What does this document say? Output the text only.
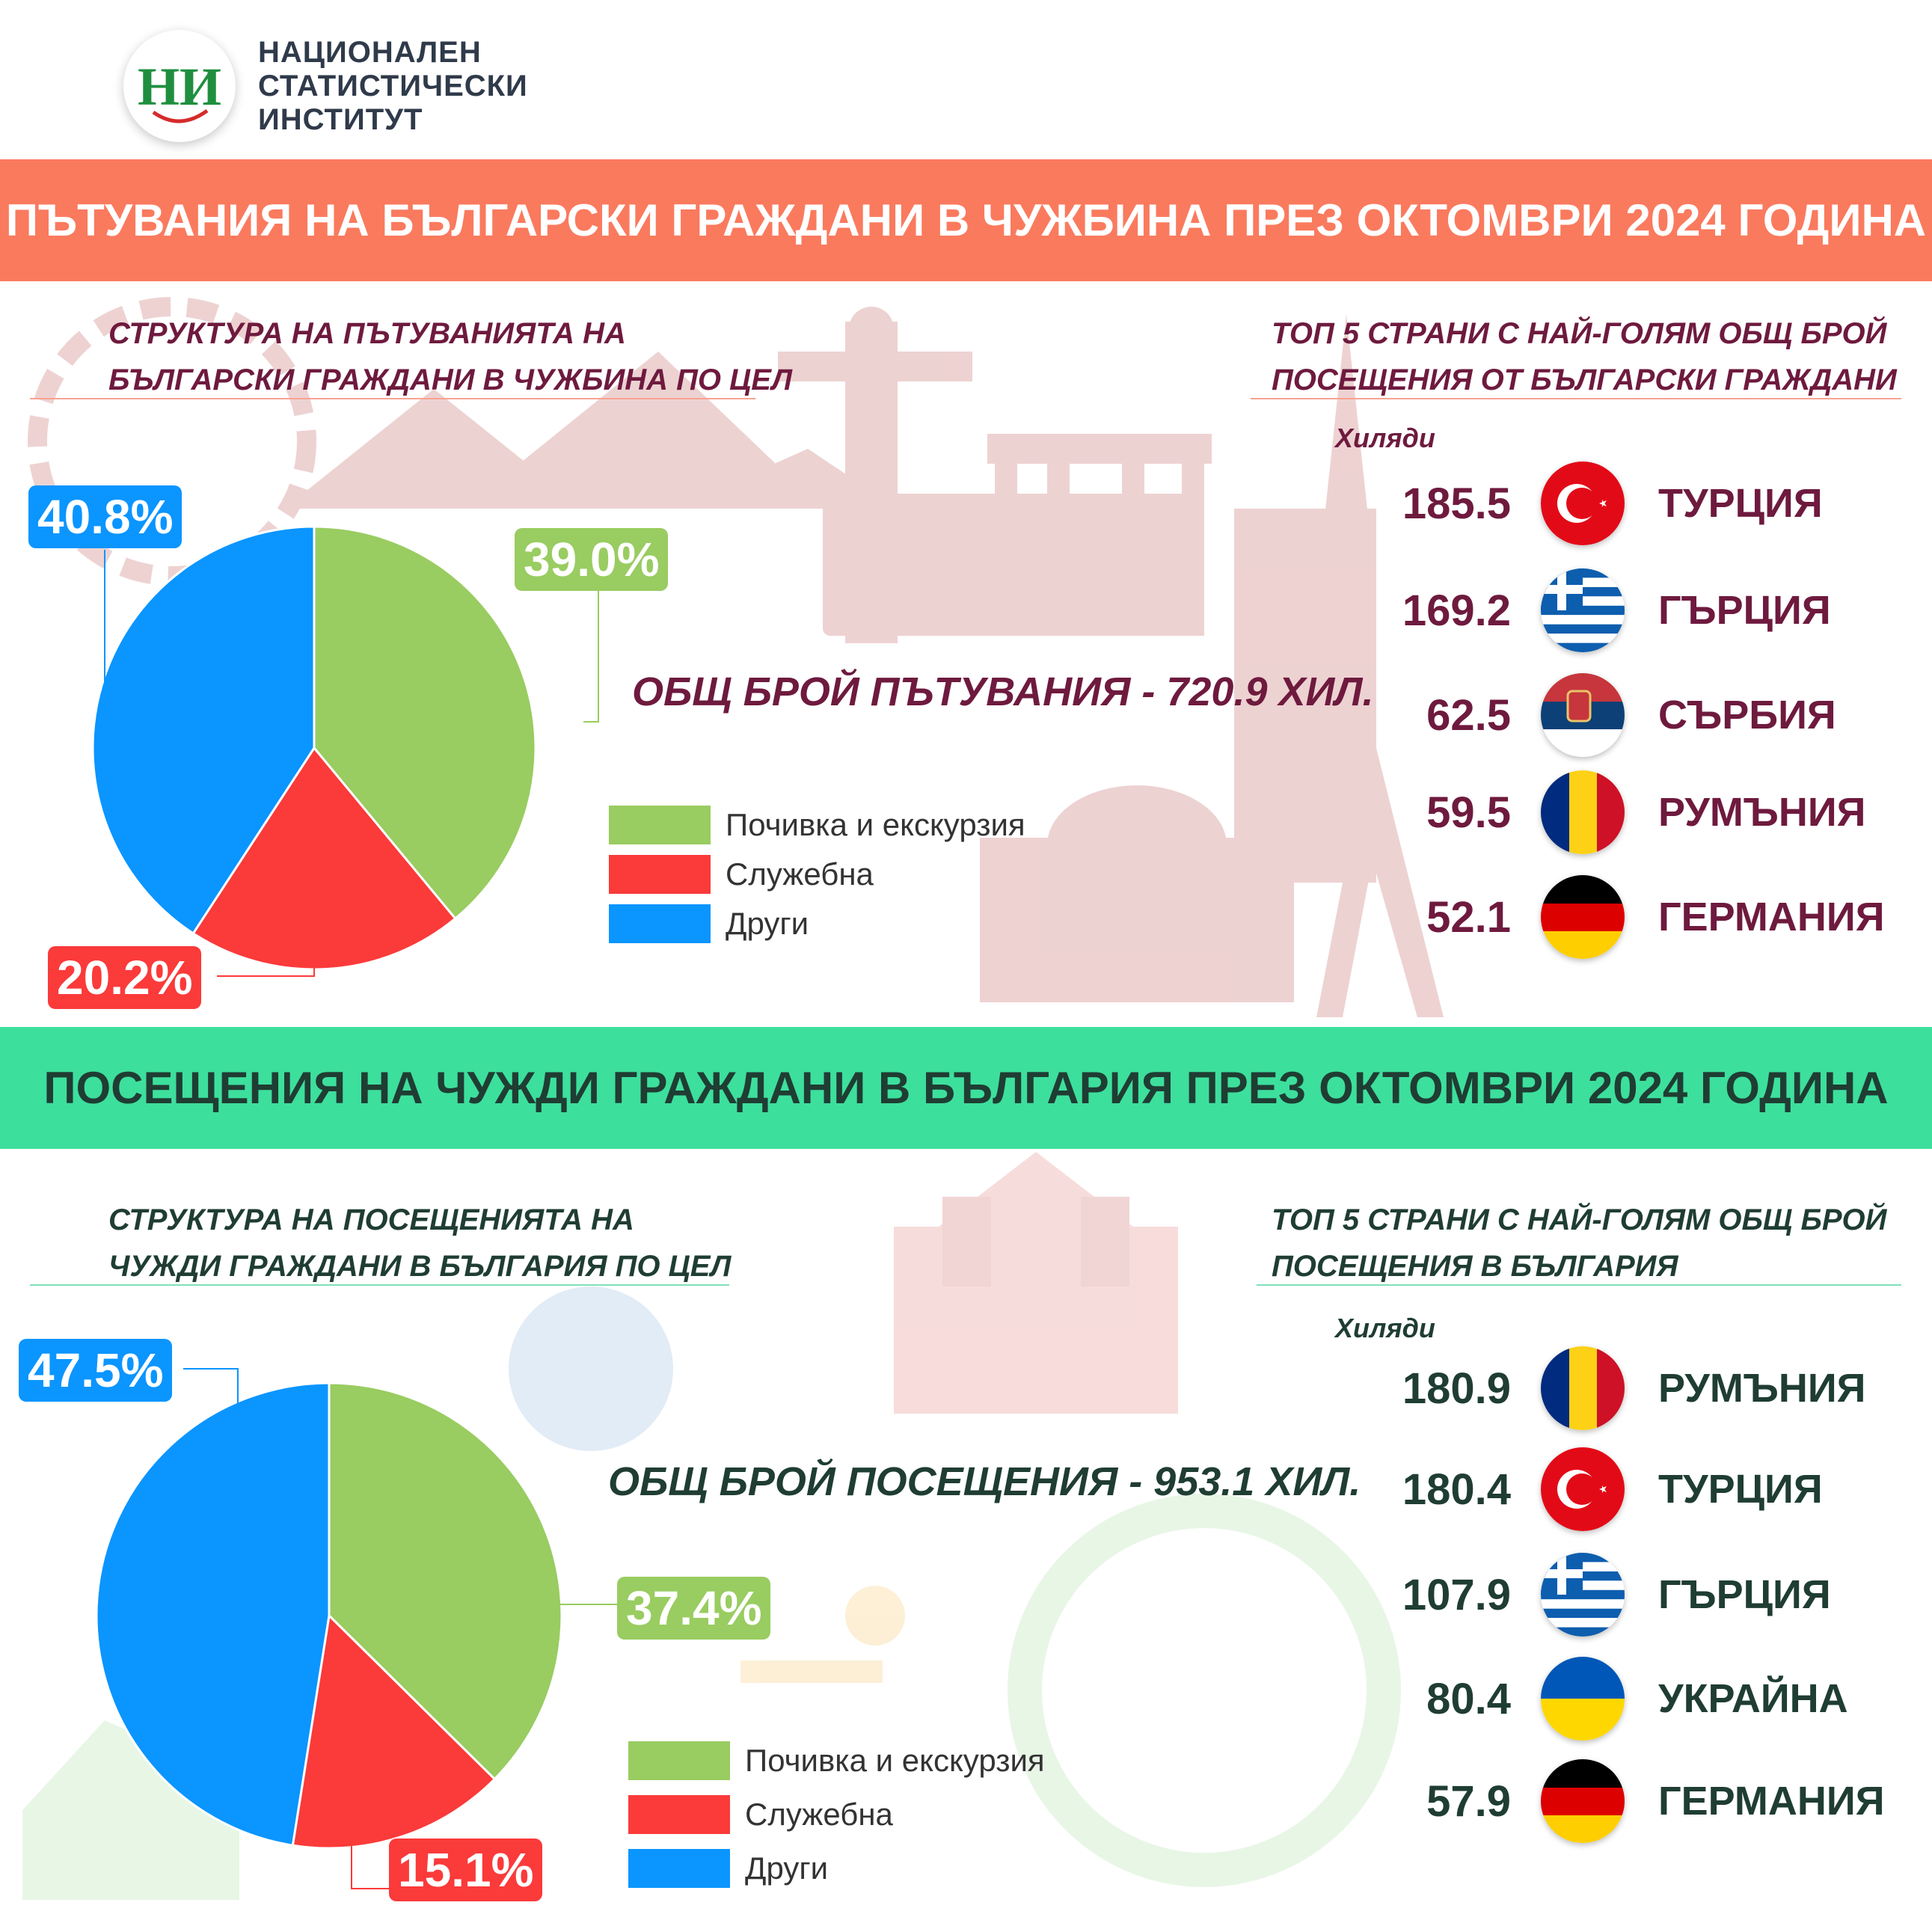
НИ
НАЦИОНАЛЕН
СТАТИСТИЧЕСКИ
ИНСТИТУТ
ПЪТУВАНИЯ НА БЪЛГАРСКИ ГРАЖДАНИ В ЧУЖБИНА ПРЕЗ ОКТОМВРИ 2024 ГОДИНА
СТРУКТУРА НА ПЪТУВАНИЯТА НА
БЪЛГАРСКИ ГРАЖДАНИ В ЧУЖБИНА ПО ЦЕЛ
ТОП 5 СТРАНИ С НАЙ-ГОЛЯМ ОБЩ БРОЙ
ПОСЕЩЕНИЯ ОТ БЪЛГАРСКИ ГРАЖДАНИ
40.8%
39.0%
20.2%
ОБЩ БРОЙ ПЪТУВАНИЯ - 720.9 ХИЛ.
Почивка и екскурзия
Служебна
Други
Хиляди
185.5	ТУРЦИЯ
169.2	ГЪРЦИЯ
62.5	СЪРБИЯ
59.5	РУМЪНИЯ
52.1	ГЕРМАНИЯ
ПОСЕЩЕНИЯ НА ЧУЖДИ ГРАЖДАНИ В БЪЛГАРИЯ ПРЕЗ ОКТОМВРИ 2024 ГОДИНА
СТРУКТУРА НА ПОСЕЩЕНИЯТА НА
ЧУЖДИ ГРАЖДАНИ В БЪЛГАРИЯ ПО ЦЕЛ
ТОП 5 СТРАНИ С НАЙ-ГОЛЯМ ОБЩ БРОЙ
ПОСЕЩЕНИЯ В БЪЛГАРИЯ
47.5%
37.4%
15.1%
ОБЩ БРОЙ ПОСЕЩЕНИЯ - 953.1 ХИЛ.
Почивка и екскурзия
Служебна
Други
Хиляди
180.9	РУМЪНИЯ
180.4	ТУРЦИЯ
107.9	ГЪРЦИЯ
80.4	УКРАЙНА
57.9	ГЕРМАНИЯ
